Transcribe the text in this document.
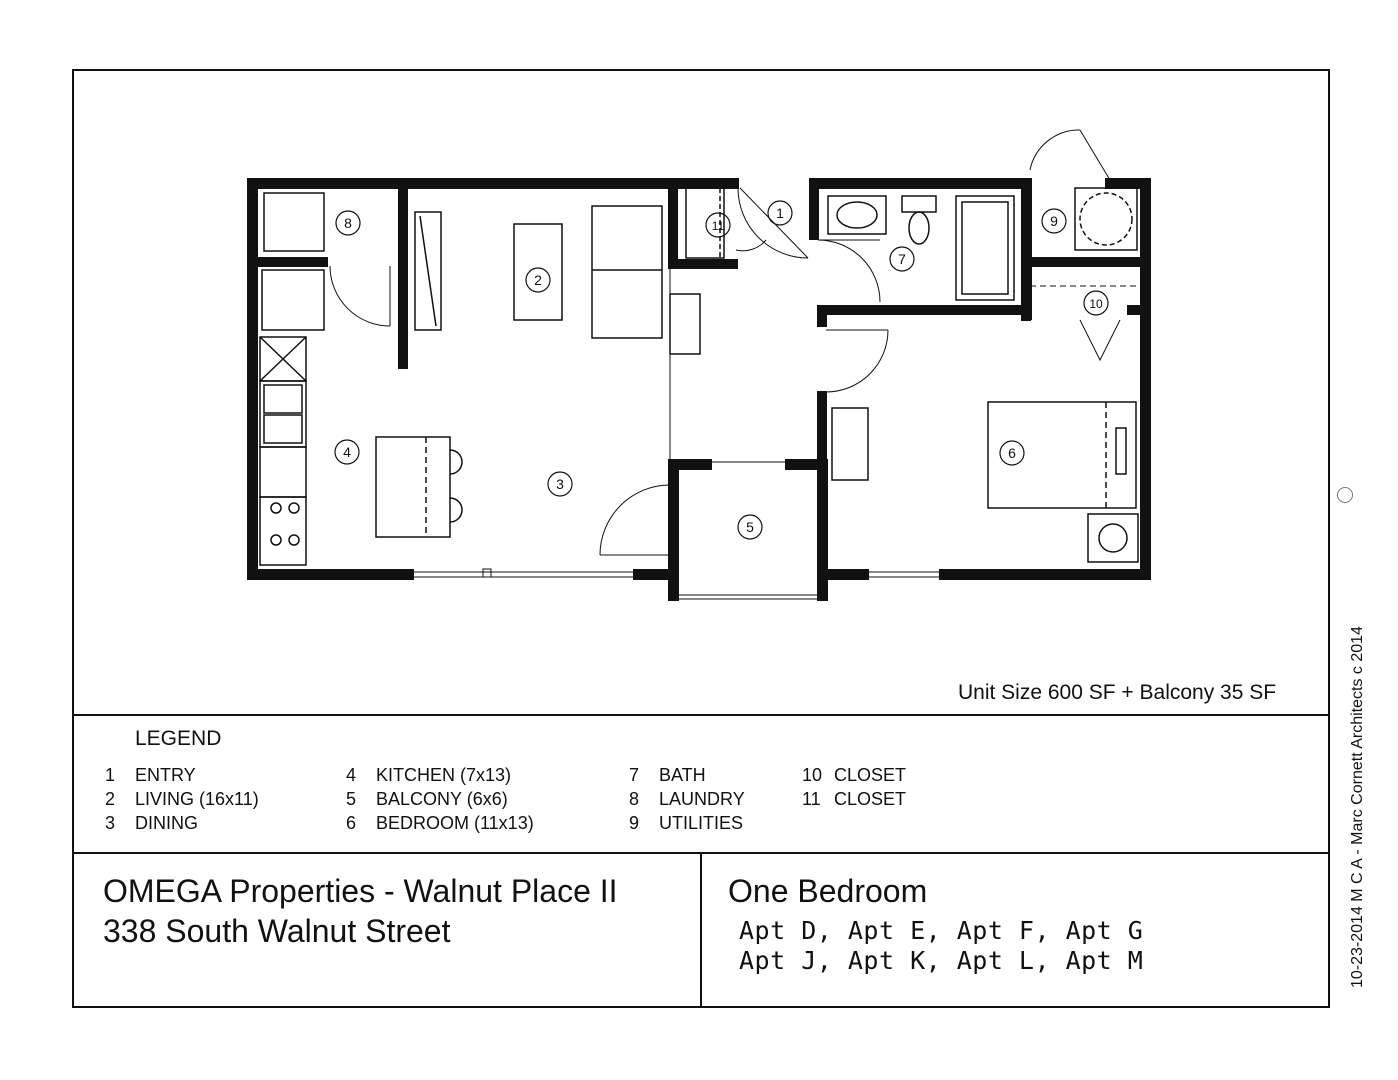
1
2
3
4
5
6
7
8	9
10
11
Unit Size 600 SF + Balcony 35 SF
LEGEND
1 ENTRY
2 LIVING (16x11)
3 DINING
4 KITCHEN (7x13)
5 BALCONY (6x6)
6 BEDROOM (11x13)
7 BATH
8 LAUNDRY
9 UTILITIES
10 CLOSET
11 CLOSET
OMEGA Properties - Walnut Place II
338 South Walnut Street
One Bedroom
Apt D, Apt E, Apt F, Apt G
Apt J, Apt K, Apt L, Apt M	10-23-2014 M C A - Marc Cornett Architects c 2014
